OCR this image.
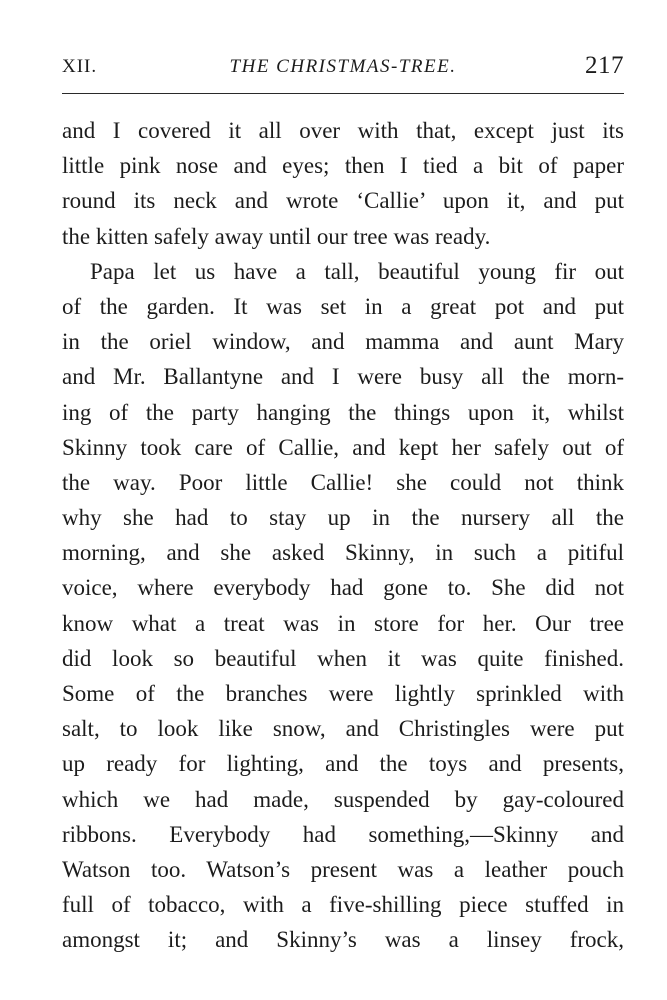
XII.	THE CHRISTMAS-TREE.	217
and I covered it all over with that, except just its
little pink nose and eyes; then I tied a bit of paper
round its neck and wrote ‘Callie’ upon it, and put
the kitten safely away until our tree was ready.
Papa let us have a tall, beautiful young fir out
of the garden. It was set in a great pot and put
in the oriel window, and mamma and aunt Mary
and Mr. Ballantyne and I were busy all the morn-
ing of the party hanging the things upon it, whilst
Skinny took care of Callie, and kept her safely out of
the way. Poor little Callie! she could not think
why she had to stay up in the nursery all the
morning, and she asked Skinny, in such a pitiful
voice, where everybody had gone to. She did not
know what a treat was in store for her. Our tree
did look so beautiful when it was quite finished.
Some of the branches were lightly sprinkled with
salt, to look like snow, and Christingles were put
up ready for lighting, and the toys and presents,
which we had made, suspended by gay-coloured
ribbons. Everybody had something,—Skinny and
Watson too. Watson’s present was a leather pouch
full of tobacco, with a five-shilling piece stuffed in
amongst it; and Skinny’s was a linsey frock,
